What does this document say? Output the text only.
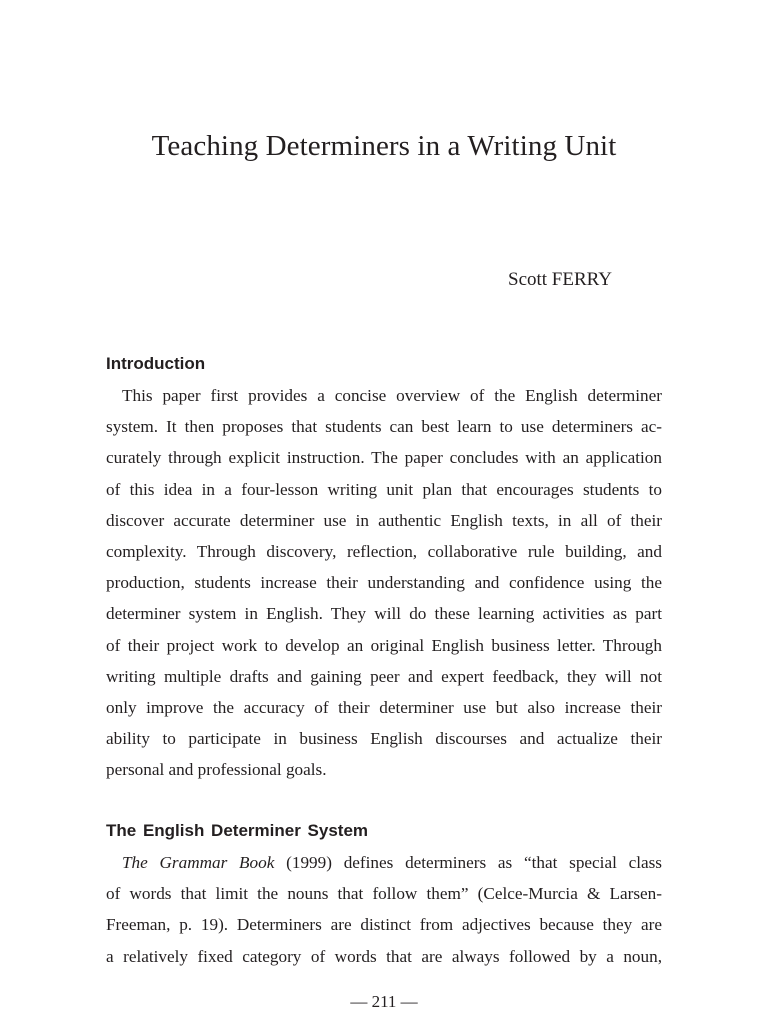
Teaching Determiners in a Writing Unit

Scott FERRY

Introduction
This paper first provides a concise overview of the English determiner
system. It then proposes that students can best learn to use determiners ac-
curately through explicit instruction. The paper concludes with an application
of this idea in a four-lesson writing unit plan that encourages students to
discover accurate determiner use in authentic English texts, in all of their
complexity. Through discovery, reflection, collaborative rule building, and
production, students increase their understanding and confidence using the
determiner system in English. They will do these learning activities as part
of their project work to develop an original English business letter. Through
writing multiple drafts and gaining peer and expert feedback, they will not
only improve the accuracy of their determiner use but also increase their
ability to participate in business English discourses and actualize their
personal and professional goals.
The English Determiner System
The Grammar Book (1999) defines determiners as “that special class
of words that limit the nouns that follow them” (Celce-Murcia & Larsen-
Freeman, p. 19). Determiners are distinct from adjectives because they are
a relatively fixed category of words that are always followed by a noun,
— 211 —
